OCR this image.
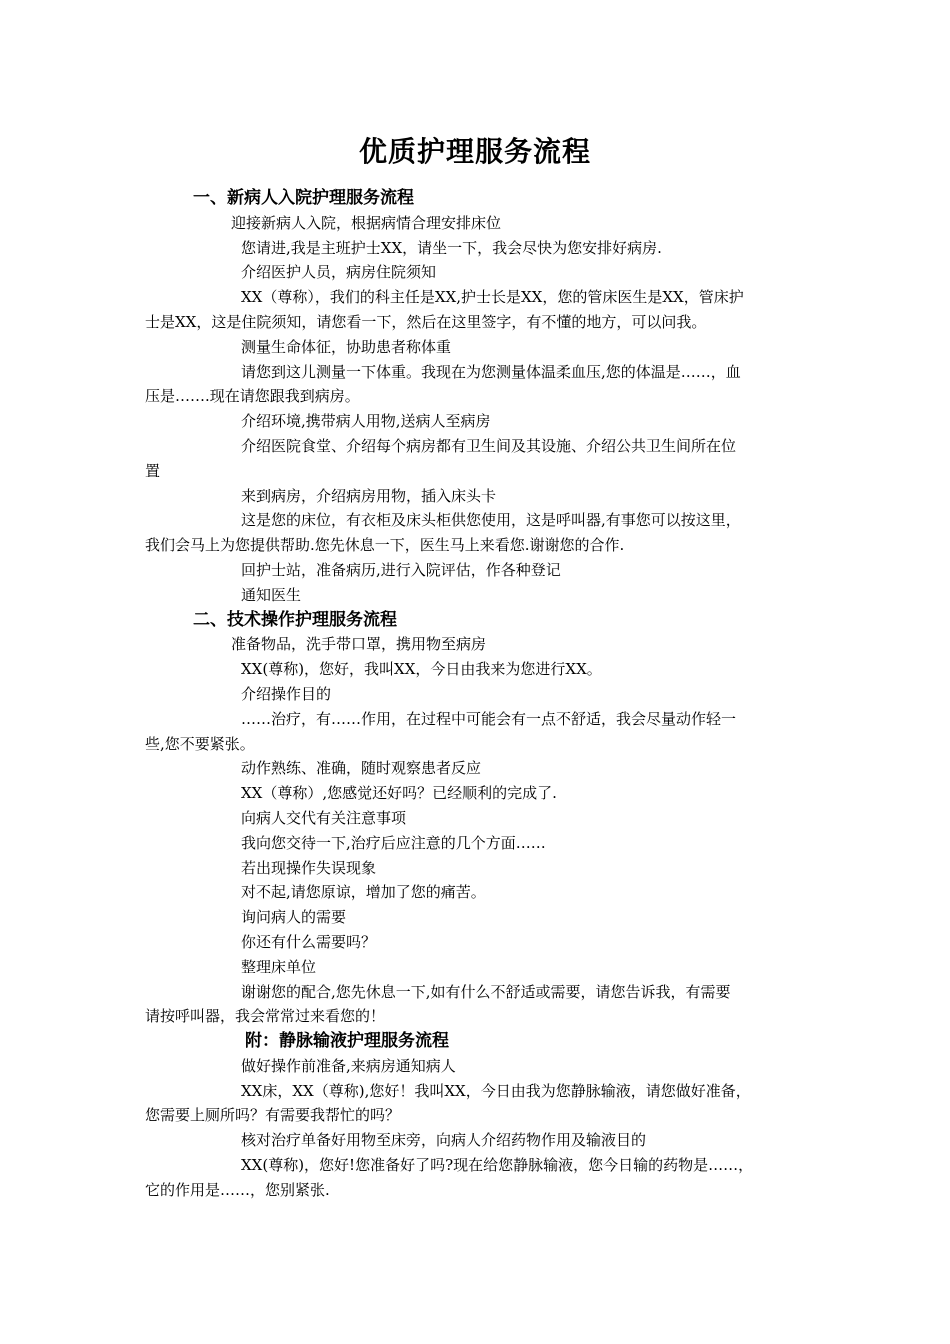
优质护理服务流程
一、新病人入院护理服务流程
迎接新病人入院，根据病情合理安排床位
您请进,我是主班护士XX，请坐一下，我会尽快为您安排好病房.
介绍医护人员，病房住院须知
XX（尊称），我们的科主任是XX,护士长是XX，您的管床医生是XX，管床护
士是XX，这是住院须知，请您看一下，然后在这里签字，有不懂的地方，可以问我。
测量生命体征，协助患者称体重
请您到这儿测量一下体重。我现在为您测量体温柔血压,您的体温是……，血
压是…….现在请您跟我到病房。
介绍环境,携带病人用物,送病人至病房
介绍医院食堂、介绍每个病房都有卫生间及其设施、介绍公共卫生间所在位
置
来到病房，介绍病房用物，插入床头卡
这是您的床位，有衣柜及床头柜供您使用，这是呼叫器,有事您可以按这里，
我们会马上为您提供帮助.您先休息一下，医生马上来看您.谢谢您的合作.
回护士站，准备病历,进行入院评估，作各种登记
通知医生
二、技术操作护理服务流程
准备物品，洗手带口罩，携用物至病房
XX(尊称)，您好，我叫XX，今日由我来为您进行XX。
介绍操作目的
……治疗，有……作用，在过程中可能会有一点不舒适，我会尽量动作轻一
些,您不要紧张。
动作熟练、准确，随时观察患者反应
XX（尊称）,您感觉还好吗？已经顺利的完成了.
向病人交代有关注意事项
我向您交待一下,治疗后应注意的几个方面……
若出现操作失误现象
对不起,请您原谅，增加了您的痛苦。
询问病人的需要
你还有什么需要吗？
整理床单位
谢谢您的配合,您先休息一下,如有什么不舒适或需要，请您告诉我，有需要
请按呼叫器，我会常常过来看您的！
附：静脉输液护理服务流程
做好操作前准备,来病房通知病人
XX床，XX（尊称),您好！我叫XX，今日由我为您静脉输液，请您做好准备，
您需要上厕所吗？有需要我帮忙的吗？
核对治疗单备好用物至床旁，向病人介绍药物作用及输液目的
XX(尊称)，您好!您准备好了吗?现在给您静脉输液，您今日输的药物是……，
它的作用是……，您别紧张.
